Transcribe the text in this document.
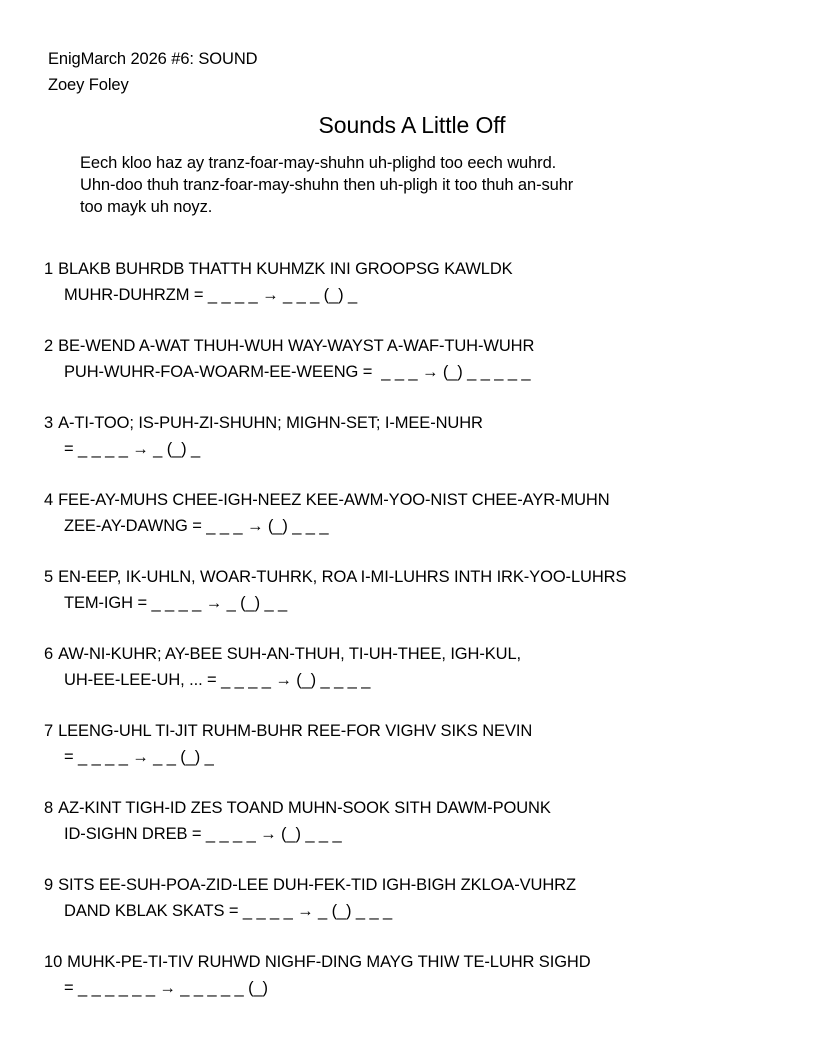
EnigMarch 2026 #6: SOUND
Zoey Foley
Sounds A Little Off
Eech kloo haz ay tranz-foar-may-shuhn uh-plighd too eech wuhrd.
Uhn-doo thuh tranz-foar-may-shuhn then uh-pligh it too thuh an-suhr
too mayk uh noyz.
1 BLAKB BUHRDB THATTH KUHMZK INI GROOPSG KAWLDK
MUHR-DUHRZM = _ _ _ _ → _ _ _ (_) _
2 BE-WEND A-WAT THUH-WUH WAY-WAYST A-WAF-TUH-WUHR
PUH-WUHR-FOA-WOARM-EE-WEENG =  _ _ _ → (_) _ _ _ _ _
3 A-TI-TOO; IS-PUH-ZI-SHUHN; MIGHN-SET; I-MEE-NUHR
= _ _ _ _ → _ (_) _
4 FEE-AY-MUHS CHEE-IGH-NEEZ KEE-AWM-YOO-NIST CHEE-AYR-MUHN
ZEE-AY-DAWNG = _ _ _ → (_) _ _ _
5 EN-EEP, IK-UHLN, WOAR-TUHRK, ROA I-MI-LUHRS INTH IRK-YOO-LUHRS
TEM-IGH = _ _ _ _ → _ (_) _ _
6 AW-NI-KUHR; AY-BEE SUH-AN-THUH, TI-UH-THEE, IGH-KUL,
UH-EE-LEE-UH, ... = _ _ _ _ → (_) _ _ _ _
7 LEENG-UHL TI-JIT RUHM-BUHR REE-FOR VIGHV SIKS NEVIN
= _ _ _ _ → _ _ (_) _
8 AZ-KINT TIGH-ID ZES TOAND MUHN-SOOK SITH DAWM-POUNK
ID-SIGHN DREB = _ _ _ _ → (_) _ _ _
9 SITS EE-SUH-POA-ZID-LEE DUH-FEK-TID IGH-BIGH ZKLOA-VUHRZ
DAND KBLAK SKATS = _ _ _ _ → _ (_) _ _ _
10 MUHK-PE-TI-TIV RUHWD NIGHF-DING MAYG THIW TE-LUHR SIGHD
= _ _ _ _ _ _ → _ _ _ _ _ (_)
